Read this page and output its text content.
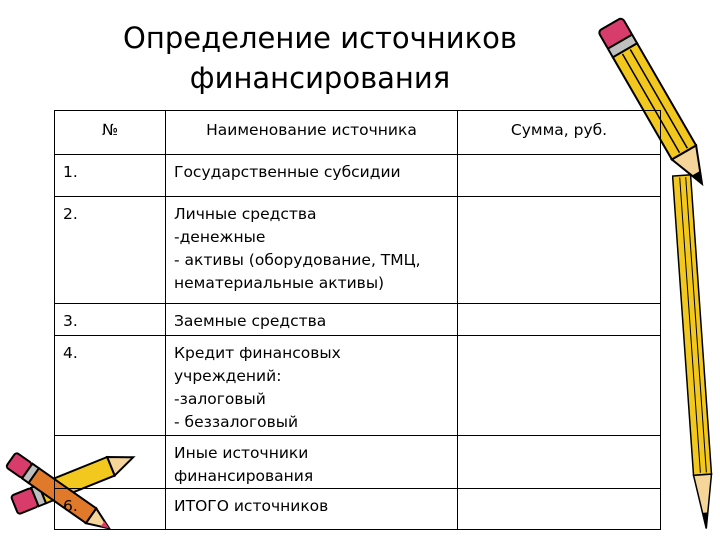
Определение источников
финансирования
№	Наименование источника	Сумма, руб.
1.	Государственные субсидии	

2.	Личные средства
-денежные
- активы (оборудование, ТМЦ,
нематериальные активы)	

3.	Заемные средства	

4.	Кредит финансовых
учреждений:
-залоговый
- беззалоговый	

	Иные источники
финансирования	

6.	ИТОГО источников	
